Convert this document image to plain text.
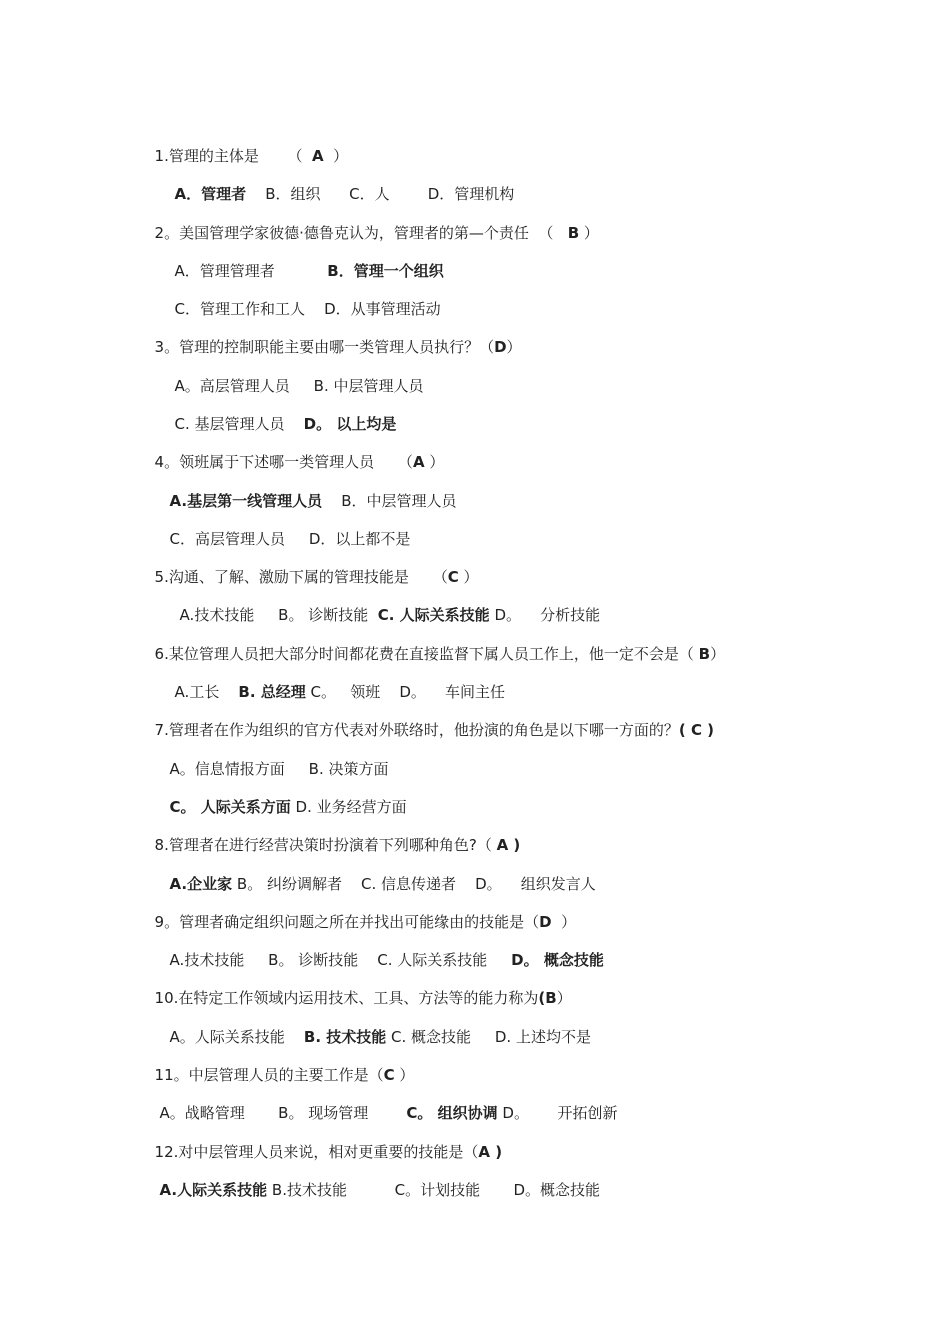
1.管理的主体是      （  A  ）

A．管理者    B．组织      C．人        D．管理机构

2。美国管理学家彼德·德鲁克认为，管理者的第—个责任  （   B ）

A．管理管理者           B．管理一个组织

C．管理工作和工人    D．从事管理活动

3。管理的控制职能主要由哪一类管理人员执行？（D）

A。高层管理人员     B. 中层管理人员

C. 基层管理人员    D。 以上均是

4。领班属于下述哪一类管理人员     （A ）

A.基层第一线管理人员    B．中层管理人员

C．高层管理人员     D．以上都不是

5.沟通、了解、激励下属的管理技能是     （C ）

A.技术技能     B。 诊断技能  C. 人际关系技能 D。    分析技能

6.某位管理人员把大部分时间都花费在直接监督下属人员工作上，他一定不会是（ B）

A.工长    B. 总经理 C。   领班    D。    车间主任

7.管理者在作为组织的官方代表对外联络时，他扮演的角色是以下哪一方面的？( C )

A。信息情报方面     B. 决策方面

C。 人际关系方面 D. 业务经营方面

8.管理者在进行经营决策时扮演着下列哪种角色?（ A )

A.企业家 B。 纠纷调解者    C. 信息传递者    D。    组织发言人

9。管理者确定组织问题之所在并找出可能缘由的技能是（D  ）

A.技术技能     B。 诊断技能    C. 人际关系技能     D。 概念技能

10.在特定工作领域内运用技术、工具、方法等的能力称为(B）

A。人际关系技能    B. 技术技能 C. 概念技能     D. 上述均不是

11。中层管理人员的主要工作是（C ）

A。战略管理       B。 现场管理        C。 组织协调 D。      开拓创新

12.对中层管理人员来说，相对更重要的技能是（A )

A.人际关系技能 B.技术技能          C。计划技能       D。概念技能
